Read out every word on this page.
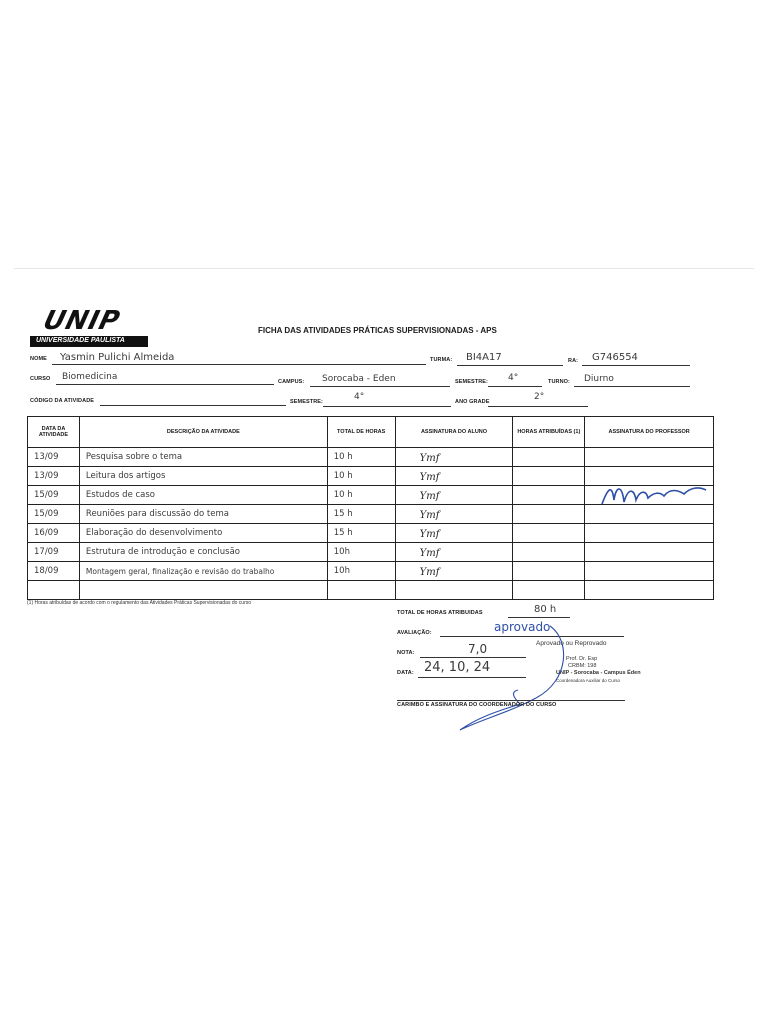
UNIP
UNIVERSIDADE PAULISTA
FICHA DAS ATIVIDADES PRÁTICAS SUPERVISIONADAS - APS
NOME Yasmin Pulichi Almeida	TURMA: BI4A17	RA: G746554
CURSO Biomedicina	CAMPUS: Sorocaba - Eden	SEMESTRE: 4°	TURNO: Diurno
CÓDIGO DA ATIVIDADE	SEMESTRE:	4°	ANO GRADE	2°
DATA DA ATIVIDADE	DESCRIÇÃO DA ATIVIDADE	TOTAL DE HORAS	ASSINATURA DO ALUNO	HORAS ATRIBUÍDAS (1)	ASSINATURA DO PROFESSOR
13/09	Pesquisa sobre o tema	10 h	Ymf		
13/09	Leitura dos artigos	10 h	Ymf		
15/09	Estudos de caso	10 h	Ymf		
15/09	Reuniões para discussão do tema	15 h	Ymf		
16/09	Elaboração do desenvolvimento	15 h	Ymf		
17/09	Estrutura de introdução e conclusão	10h	Ymf		
18/09	Montagem geral, finalização e revisão do trabalho	10h	Ymf		

(1) Horas atribuídas de acordo com o regulamento das Atividades Práticas Supervisionadas do curso
TOTAL DE HORAS ATRIBUIDAS	80 h
AVALIAÇÃO:	aprovado
Aprovado ou Reprovado
NOTA:	7,0
DATA: 24, 10, 24
Prof. Dr. Esp
CRBM: 198
UNIP - Sorocaba - Campus Éden
Coordenadora Auxiliar do Curso
CARIMBO E ASSINATURA DO COORDENADOR DO CURSO
